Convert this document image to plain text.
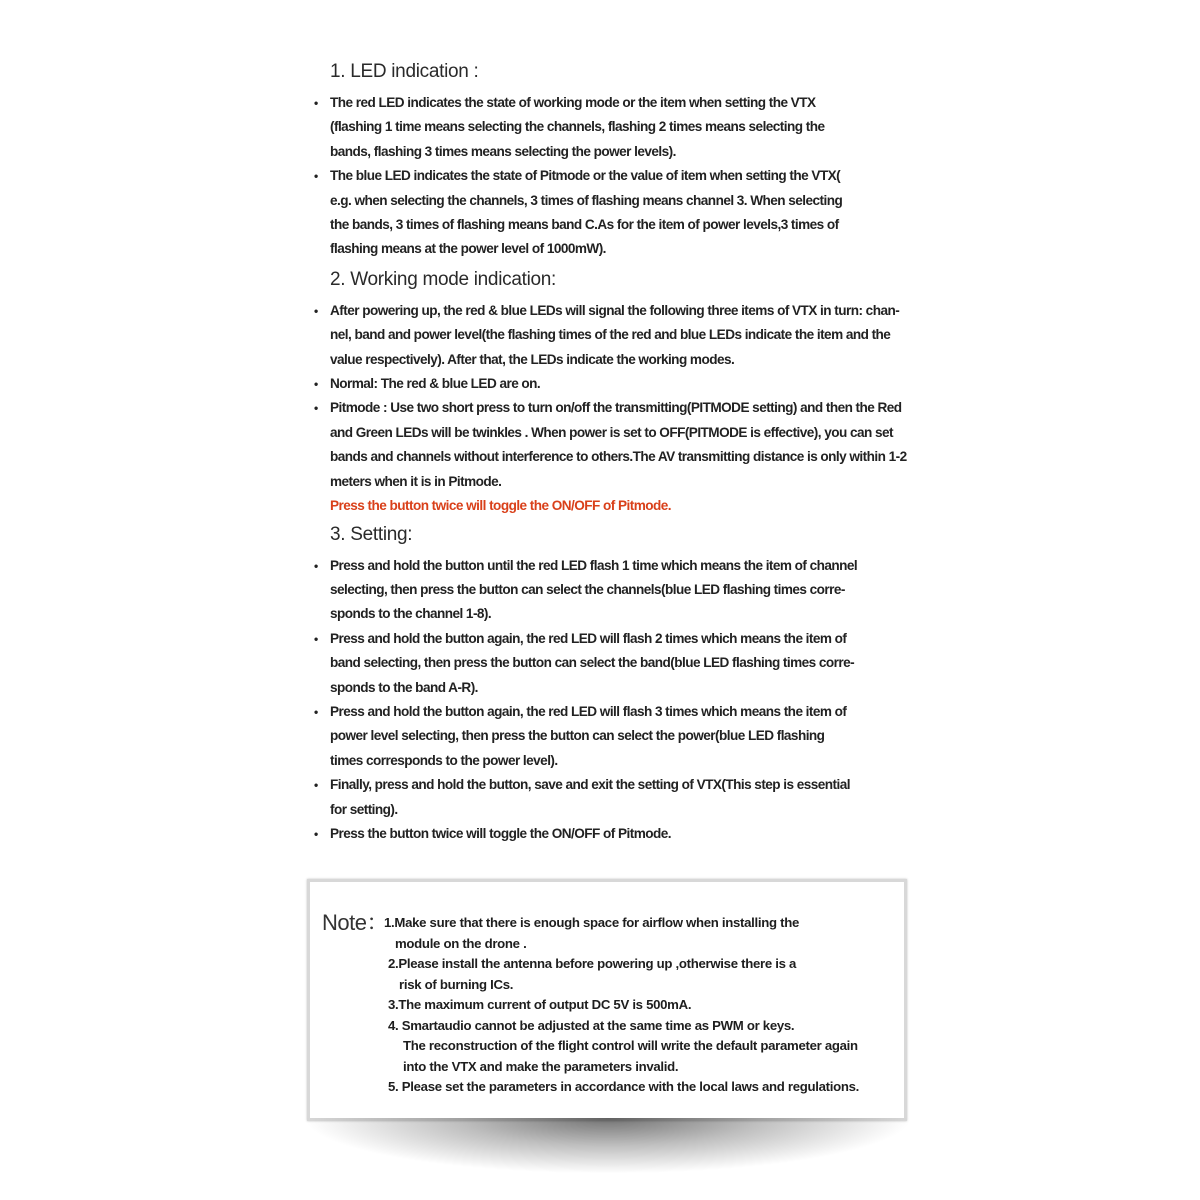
1. LED indication :
• The red LED indicates the state of working mode or the item when setting the VTX (flashing 1 time means selecting the channels, flashing 2 times means selecting the bands, flashing 3 times means selecting the power levels).
• The blue LED indicates the state of Pitmode or the value of item when setting the VTX( e.g. when selecting the channels, 3 times of flashing means channel 3. When selecting the bands, 3 times of flashing means band C.As for the item of power levels,3 times of flashing means at the power level of 1000mW).
2. Working mode indication:
• After powering up, the red & blue LEDs will signal the following three items of VTX in turn: chan-nel, band and power level(the flashing times of the red and blue LEDs indicate the item and the value respectively). After that, the LEDs indicate the working modes.
• Normal: The red & blue LED are on.
• Pitmode : Use two short press to turn on/off the transmitting(PITMODE setting) and then the Red and Green LEDs will be twinkles . When power is set to OFF(PITMODE is effective), you can set bands and channels without interference to others.The AV transmitting distance is only within 1-2 meters when it is in Pitmode.
Press the button twice will toggle the ON/OFF of Pitmode.
3. Setting:
• Press and hold the button until the red LED flash 1 time which means the item of channel selecting, then press the button can select the channels(blue LED flashing times corre-sponds to the channel 1-8).
• Press and hold the button again, the red LED will flash 2 times which means the item of band selecting, then press the button can select the band(blue LED flashing times corre-sponds to the band A-R).
• Press and hold the button again, the red LED will flash 3 times which means the item of power level selecting, then press the button can select the power(blue LED flashing times corresponds to the power level).
• Finally, press and hold the button, save and exit the setting of VTX(This step is essential for setting).
• Press the button twice will toggle the ON/OFF of Pitmode.
Note：
1.Make sure that there is enough space for airflow when installing the
module on the drone .
2.Please install the antenna before powering up ,otherwise there is a
risk of burning ICs.
3.The maximum current of output DC 5V is 500mA.
4. Smartaudio cannot be adjusted at the same time as PWM or keys.
The reconstruction of the flight control will write the default parameter again into the VTX and make the parameters invalid.
5. Please set the parameters in accordance with the local laws and regulations.
